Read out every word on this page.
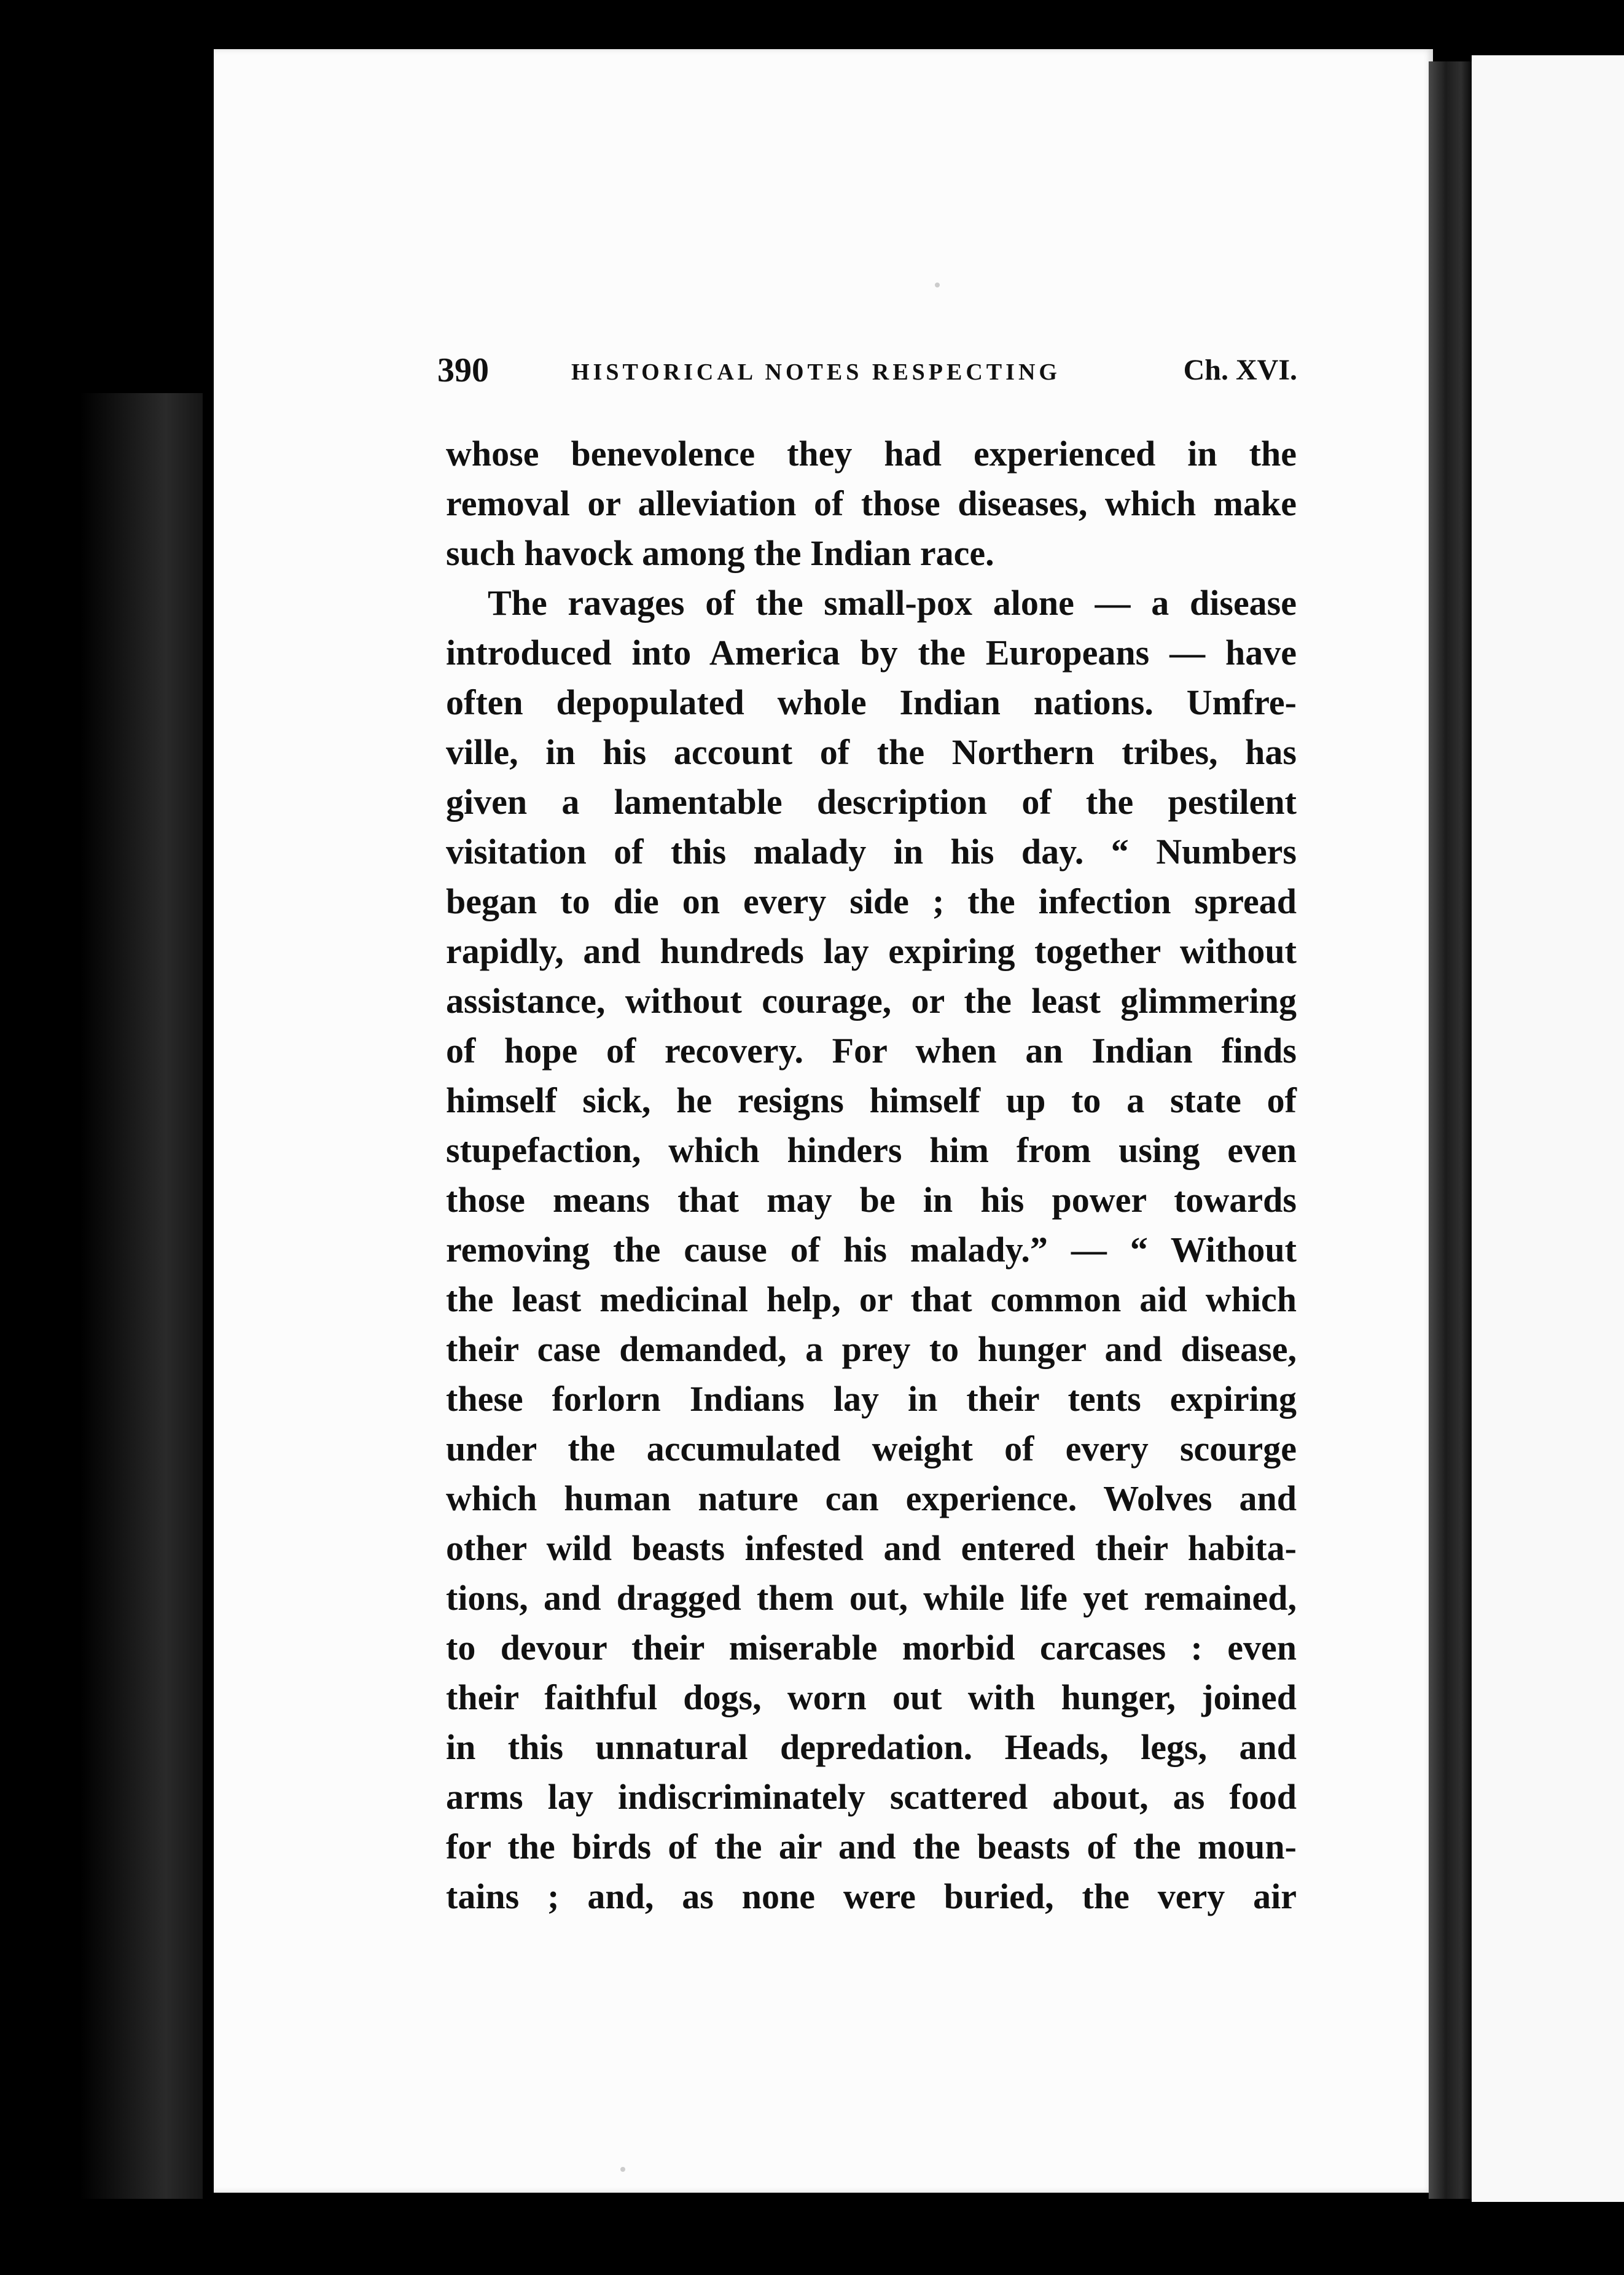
390	HISTORICAL NOTES RESPECTING	Ch. XVI.
whose benevolence they had experienced in the
removal or alleviation of those diseases, which make
such havock among the Indian race.
The ravages of the small-pox alone — a disease
introduced into America by the Europeans — have
often depopulated whole Indian nations. Umfre-
ville, in his account of the Northern tribes, has
given a lamentable description of the pestilent
visitation of this malady in his day. “ Numbers
began to die on every side ; the infection spread
rapidly, and hundreds lay expiring together without
assistance, without courage, or the least glimmering
of hope of recovery. For when an Indian finds
himself sick, he resigns himself up to a state of
stupefaction, which hinders him from using even
those means that may be in his power towards
removing the cause of his malady.” — “ Without
the least medicinal help, or that common aid which
their case demanded, a prey to hunger and disease,
these forlorn Indians lay in their tents expiring
under the accumulated weight of every scourge
which human nature can experience. Wolves and
other wild beasts infested and entered their habita-
tions, and dragged them out, while life yet remained,
to devour their miserable morbid carcases : even
their faithful dogs, worn out with hunger, joined
in this unnatural depredation. Heads, legs, and
arms lay indiscriminately scattered about, as food
for the birds of the air and the beasts of the moun-
tains ; and, as none were buried, the very air
